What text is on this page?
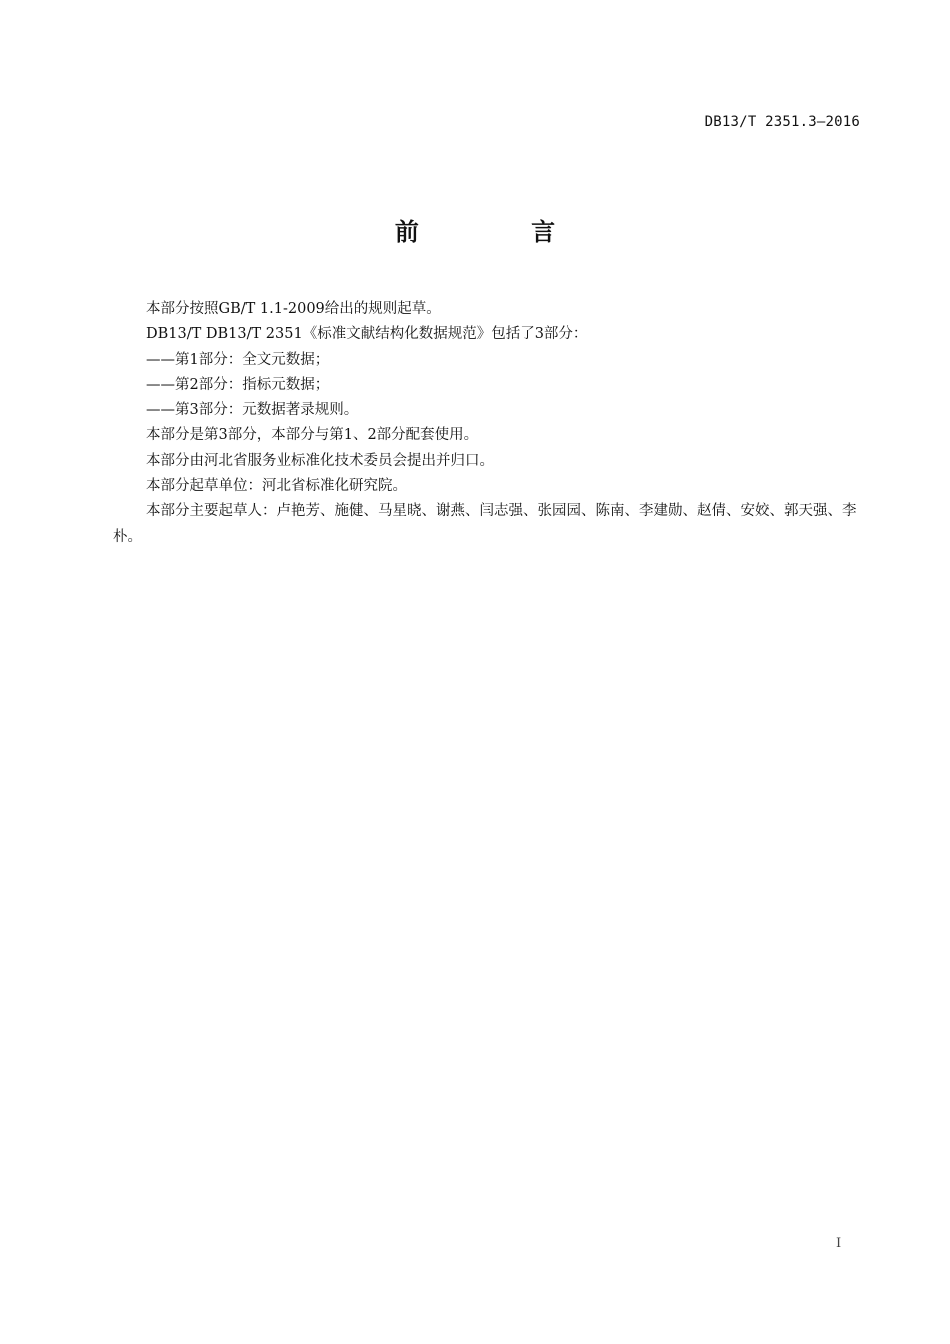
DB13/T 2351.3—2016
前 言

本部分按照GB/T 1.1-2009给出的规则起草。

DB13/T DB13/T 2351《标准文献结构化数据规范》包括了3部分：

——第1部分：全文元数据；

——第2部分：指标元数据；

——第3部分：元数据著录规则。

本部分是第3部分，本部分与第1、2部分配套使用。

本部分由河北省服务业标准化技术委员会提出并归口。

本部分起草单位：河北省标准化研究院。

本部分主要起草人：卢艳芳、施健、马星晓、谢燕、闫志强、张园园、陈南、李建勋、赵倩、安姣、郭天强、李朴。

I
